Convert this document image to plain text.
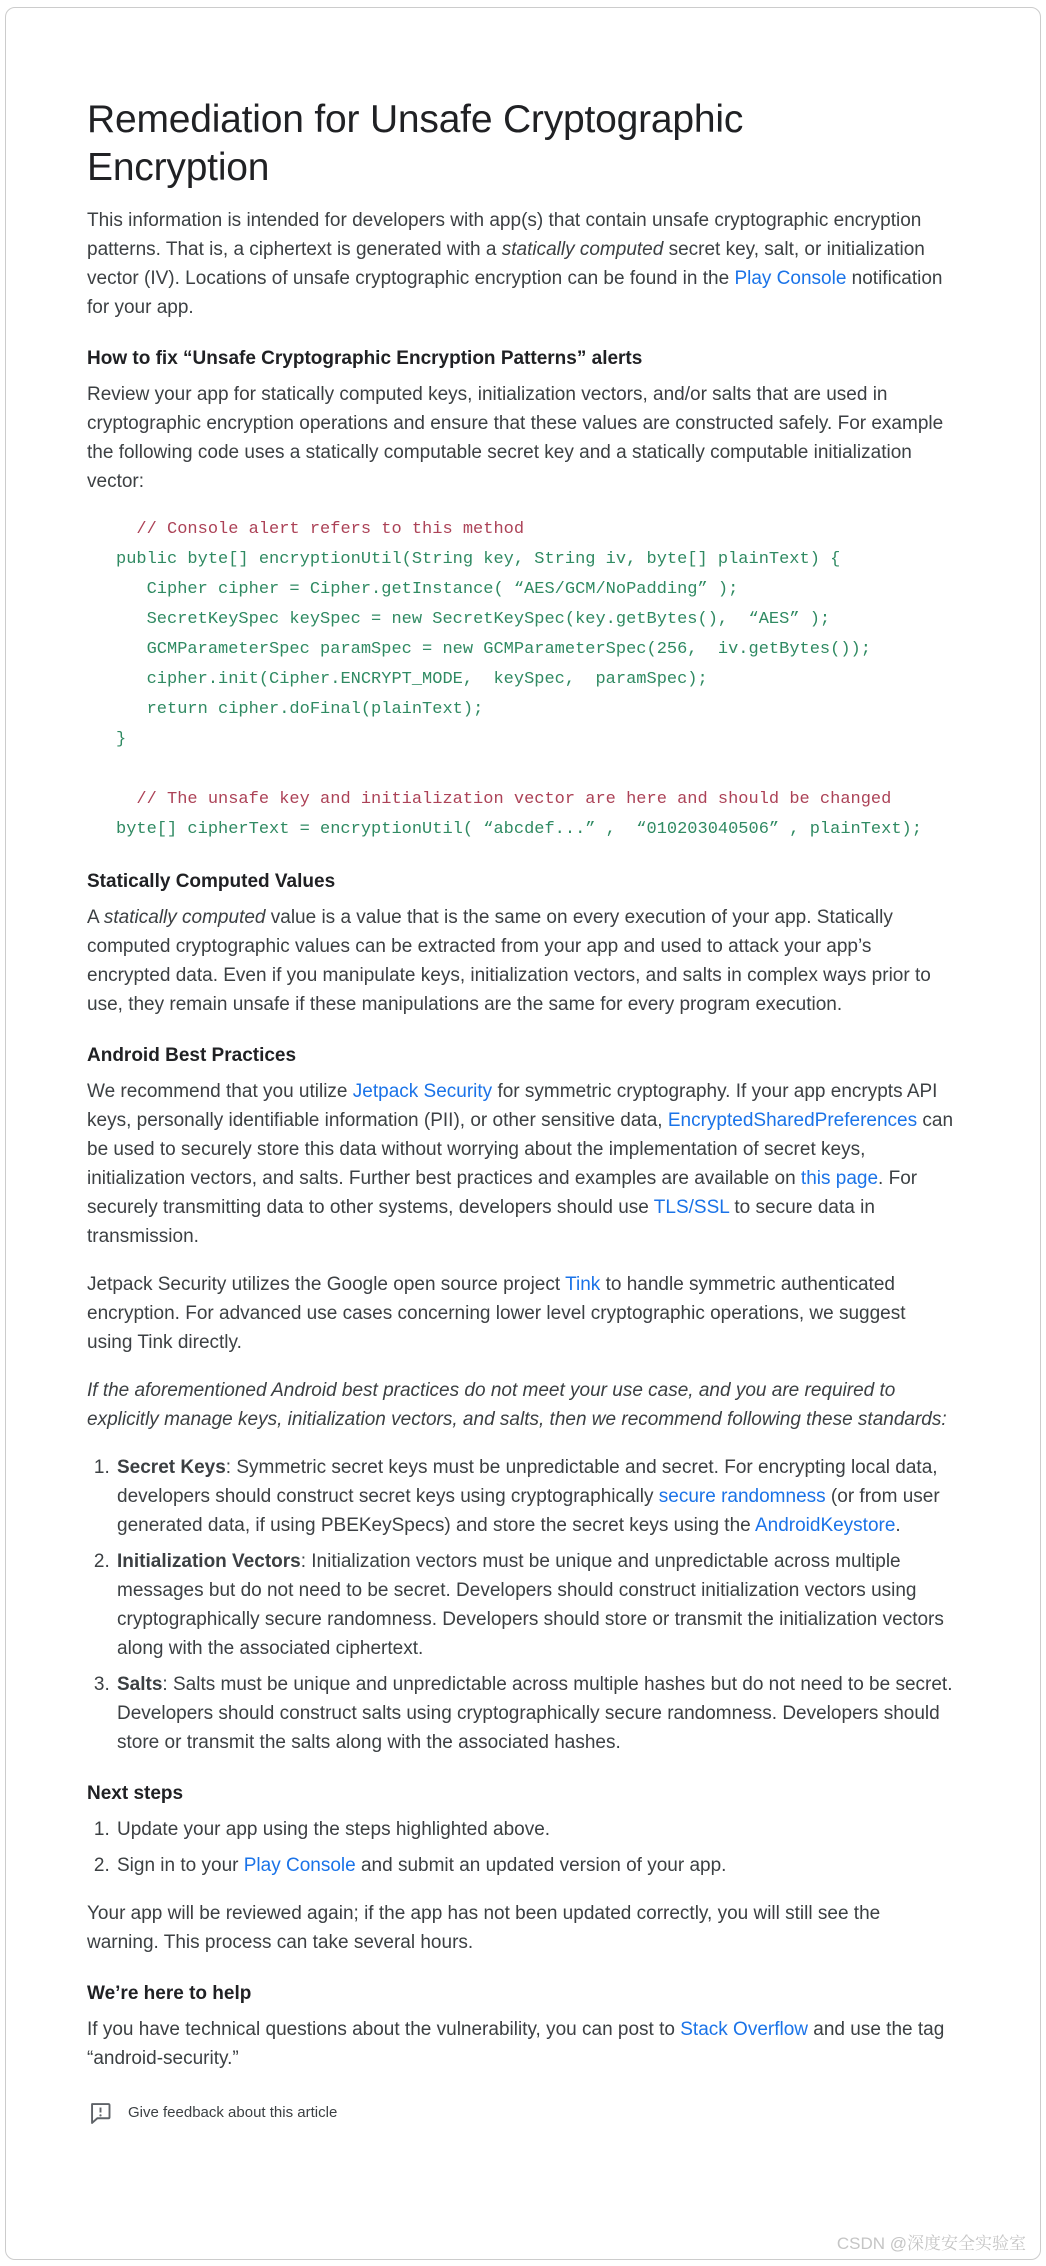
Remediation for Unsafe Cryptographic Encryption

This information is intended for developers with app(s) that contain unsafe cryptographic encryption patterns. That is, a ciphertext is generated with a statically computed secret key, salt, or initialization vector (IV). Locations of unsafe cryptographic encryption can be found in the Play Console notification for your app.

How to fix “Unsafe Cryptographic Encryption Patterns” alerts

Review your app for statically computed keys, initialization vectors, and/or salts that are used in cryptographic encryption operations and ensure that these values are constructed safely. For example the following code uses a statically computable secret key and a statically computable initialization vector:

// Console alert refers to this method
public byte[] encryptionUtil(String key, String iv, byte[] plainText) {
Cipher cipher = Cipher.getInstance( “AES/GCM/NoPadding” );
SecretKeySpec keySpec = new SecretKeySpec(key.getBytes(),  “AES” );
GCMParameterSpec paramSpec = new GCMParameterSpec(256,  iv.getBytes());
cipher.init(Cipher.ENCRYPT_MODE,  keySpec,  paramSpec);
return cipher.doFinal(plainText);
}
// The unsafe key and initialization vector are here and should be changed
byte[] cipherText = encryptionUtil( “abcdef...” ,  “010203040506” , plainText);
Statically Computed Values

A statically computed value is a value that is the same on every execution of your app. Statically computed cryptographic values can be extracted from your app and used to attack your app’s encrypted data. Even if you manipulate keys, initialization vectors, and salts in complex ways prior to use, they remain unsafe if these manipulations are the same for every program execution.

Android Best Practices

We recommend that you utilize Jetpack Security for symmetric cryptography. If your app encrypts API keys, personally identifiable information (PII), or other sensitive data, EncryptedSharedPreferences can be used to securely store this data without worrying about the implementation of secret keys, initialization vectors, and salts. Further best practices and examples are available on this page. For securely transmitting data to other systems, developers should use TLS/SSL to secure data in transmission.

Jetpack Security utilizes the Google open source project Tink to handle symmetric authenticated encryption. For advanced use cases concerning lower level cryptographic operations, we suggest using Tink directly.

If the aforementioned Android best practices do not meet your use case, and you are required to explicitly manage keys, initialization vectors, and salts, then we recommend following these standards:

1. Secret Keys: Symmetric secret keys must be unpredictable and secret. For encrypting local data, developers should construct secret keys using cryptographically secure randomness (or from user generated data, if using PBEKeySpecs) and store the secret keys using the AndroidKeystore.
2. Initialization Vectors: Initialization vectors must be unique and unpredictable across multiple messages but do not need to be secret. Developers should construct initialization vectors using cryptographically secure randomness. Developers should store or transmit the initialization vectors along with the associated ciphertext.
3. Salts: Salts must be unique and unpredictable across multiple hashes but do not need to be secret. Developers should construct salts using cryptographically secure randomness. Developers should store or transmit the salts along with the associated hashes.
Next steps
1. Update your app using the steps highlighted above.
2. Sign in to your Play Console and submit an updated version of your app.

Your app will be reviewed again; if the app has not been updated correctly, you will still see the warning. This process can take several hours.

We’re here to help

If you have technical questions about the vulnerability, you can post to Stack Overflow and use the tag “android-security.”

Give feedback about this article
CSDN @深度安全实验室
